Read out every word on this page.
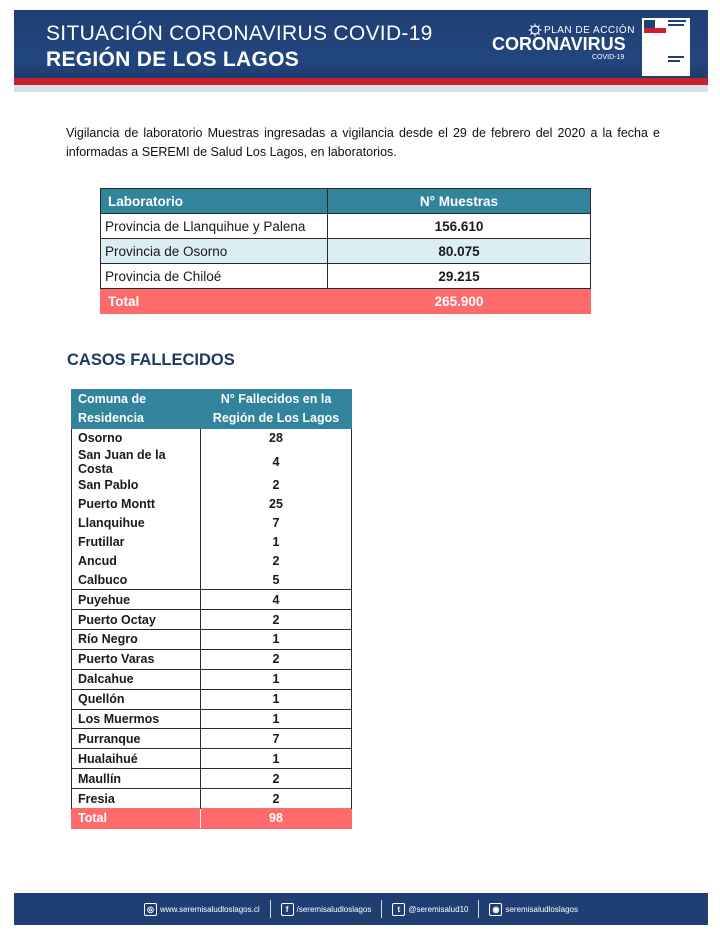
SITUACIÓN CORONAVIRUS COVID-19
REGIÓN DE LOS LAGOS
PLAN DE ACCIÓN
CORONAVIRUS
COVID-19
Vigilancia de laboratorio Muestras ingresadas a vigilancia desde el 29 de febrero del 2020 a la fecha e informadas a SEREMI de Salud Los Lagos, en laboratorios.
Laboratorio	N° Muestras
Provincia de Llanquihue y Palena	156.610
Provincia de Osorno	80.075
Provincia de Chiloé	29.215
Total	265.900
CASOS FALLECIDOS
Comuna de Residencia	N° Fallecidos en la Región de Los Lagos
Osorno	28
San Juan de la Costa	4
San Pablo	2
Puerto Montt	25
Llanquihue	7
Frutillar	1
Ancud	2
Calbuco	5
Puyehue	4
Puerto Octay	2
Río Negro	1
Puerto Varas	2
Dalcahue	1
Quellón	1
Los Muermos	1
Purranque	7
Hualaihué	1
Maullín	2
Fresia	2
Total	98
◎ www.seremisaludloslagos.cl	f	/seremisaludloslagos	t	@seremisalud10	◉ seremisaludloslagos
